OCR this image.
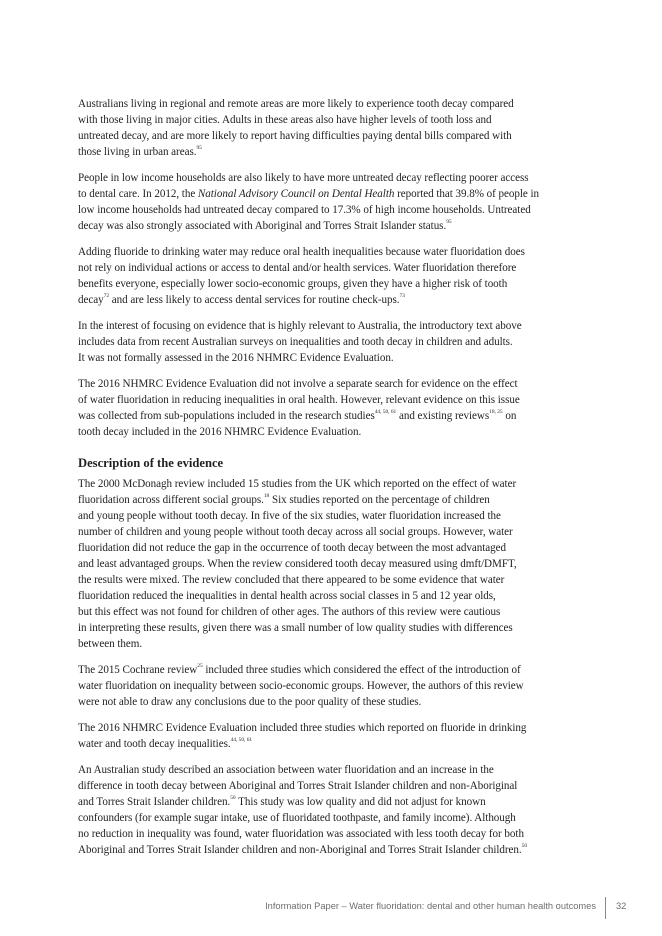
Australians living in regional and remote areas are more likely to experience tooth decay compared
with those living in major cities. Adults in these areas also have higher levels of tooth loss and
untreated decay, and are more likely to report having difficulties paying dental bills compared with
those living in urban areas.$^{95}$

People in low income households are also likely to have more untreated decay reflecting poorer access
to dental care. In 2012, the National Advisory Council on Dental Health reported that 39.8% of people in
low income households had untreated decay compared to 17.3% of high income households. Untreated
decay was also strongly associated with Aboriginal and Torres Strait Islander status.$^{95}$

Adding fluoride to drinking water may reduce oral health inequalities because water fluoridation does
not rely on individual actions or access to dental and/or health services. Water fluoridation therefore
benefits everyone, especially lower socio-economic groups, given they have a higher risk of tooth
decay$^{72}$ and are less likely to access dental services for routine check-ups.$^{73}$

In the interest of focusing on evidence that is highly relevant to Australia, the introductory text above
includes data from recent Australian surveys on inequalities and tooth decay in children and adults.
It was not formally assessed in the 2016 NHMRC Evidence Evaluation.

The 2016 NHMRC Evidence Evaluation did not involve a separate search for evidence on the effect
of water fluoridation in reducing inequalities in oral health. However, relevant evidence on this issue
was collected from sub-populations included in the research studies$^{44, 50, 61}$ and existing reviews$^{18, 25}$ on
tooth decay included in the 2016 NHMRC Evidence Evaluation.

Description of the evidence

The 2000 McDonagh review included 15 studies from the UK which reported on the effect of water
fluoridation across different social groups.$^{18}$ Six studies reported on the percentage of children
and young people without tooth decay. In five of the six studies, water fluoridation increased the
number of children and young people without tooth decay across all social groups. However, water
fluoridation did not reduce the gap in the occurrence of tooth decay between the most advantaged
and least advantaged groups. When the review considered tooth decay measured using dmft/DMFT,
the results were mixed. The review concluded that there appeared to be some evidence that water
fluoridation reduced the inequalities in dental health across social classes in 5 and 12 year olds,
but this effect was not found for children of other ages. The authors of this review were cautious
in interpreting these results, given there was a small number of low quality studies with differences
between them.

The 2015 Cochrane review$^{25}$ included three studies which considered the effect of the introduction of
water fluoridation on inequality between socio-economic groups. However, the authors of this review
were not able to draw any conclusions due to the poor quality of these studies.

The 2016 NHMRC Evidence Evaluation included three studies which reported on fluoride in drinking
water and tooth decay inequalities.$^{44, 50, 61}$

An Australian study described an association between water fluoridation and an increase in the
difference in tooth decay between Aboriginal and Torres Strait Islander children and non-Aboriginal
and Torres Strait Islander children.$^{50}$ This study was low quality and did not adjust for known
confounders (for example sugar intake, use of fluoridated toothpaste, and family income). Although
no reduction in inequality was found, water fluoridation was associated with less tooth decay for both
Aboriginal and Torres Strait Islander children and non-Aboriginal and Torres Strait Islander children.$^{50}$

Information Paper – Water fluoridation: dental and other human health outcomes 32
